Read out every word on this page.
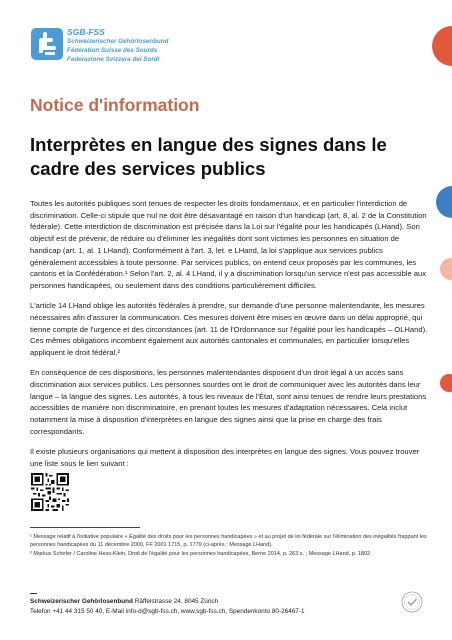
SGB-FSS
Schweizerischer Gehörlosenbund
Fédération Suisse des Sourds
Federazione Svizzera dei Sordi
Notice d'information
Interprètes en langue des signes dans le
cadre des services publics

Toutes les autorités publiques sont tenues de respecter les droits fondamentaux, et en particulier l'interdiction de discrimination. Celle-ci stipule que nul ne doit être désavantagé en raison d'un handicap (art. 8, al. 2 de la Constitution fédérale). Cette interdiction de discrimination est précisée dans la Loi sur l'égalité pour les handicapés (LHand). Son objectif est de prévenir, de réduire ou d'éliminer les inégalités dont sont victimes les personnes en situation de handicap (art. 1, al. 1 LHand). Conformément à l'art. 3, let. e LHand, la loi s'applique aux services publics généralement accessibles à toute personne. Par services publics, on entend ceux proposés par les communes, les cantons et la Confédération.¹ Selon l'art. 2, al. 4 LHand, il y a discrimination lorsqu'un service n'est pas accessible aux personnes handicapées, ou seulement dans des conditions particulièrement difficiles.

L'article 14 LHand oblige les autorités fédérales à prendre, sur demande d'une personne malentendante, les mesures nécessaires afin d'assurer la communication. Ces mesures doivent être mises en œuvre dans un délai approprié, qui tienne compte de l'urgence et des circonstances (art. 11 de l'Ordonnance sur l'égalité pour les handicapés – OLHand). Ces mêmes obligations incombent également aux autorités cantonales et communales, en particulier lorsqu'elles appliquent le droit fédéral.²

En conséquence de ces dispositions, les personnes malentendantes disposent d'un droit légal à un accès sans discrimination aux services publics. Les personnes sourdes ont le droit de communiquer avec les autorités dans leur langue – la langue des signes. Les autorités, à tous les niveaux de l'État, sont ainsi tenues de rendre leurs prestations accessibles de manière non discriminatoire, en prenant toutes les mesures d'adaptation nécessaires. Cela inclut notamment la mise à disposition d'interprètes en langue des signes ainsi que la prise en charge des frais correspondants.

Il existe plusieurs organisations qui mettent à disposition des interprètes en langue des signes. Vous pouvez trouver une liste sous le lien suivant :

¹ Message relatif à l'initiative populaire « Égalité des droits pour les personnes handicapées » et au projet de loi fédérale sur l'élimination des inégalités frappant les personnes handicapées du 11 décembre 2000, FF 2001 1715, p. 1779 (ci-après : Message LHand).

² Markus Schefer / Caroline Hess-Klein, Droit de l'égalité pour les personnes handicapées, Berne 2014, p. 263 s. ; Message LHand, p. 1802.

Schweizerischer Gehörlosenbund Räffelstrasse 24, 8045 Zürich
Telefon +41 44 315 50 40, E-Mail info-d@sgb-fss.ch, www.sgb-fss.ch, Spendenkonto 80-26467-1
